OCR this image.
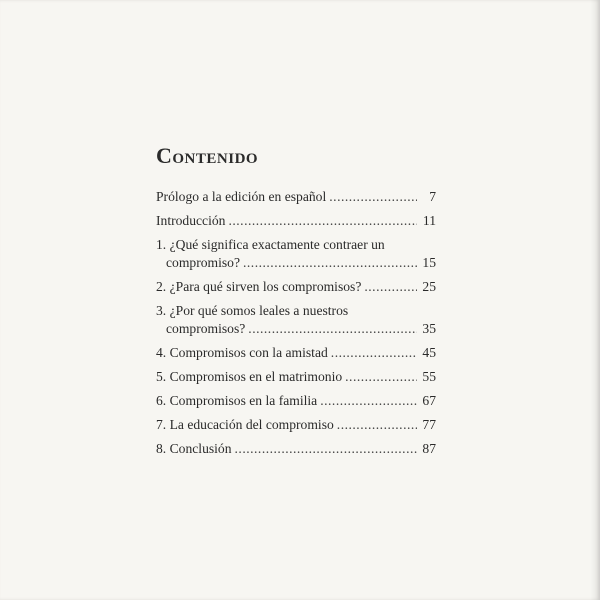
Contenido
Prólogo a la edición en español .....	7
Introducción .....	11
1. ¿Qué significa exactamente contraer un
compromiso? .....	15
2. ¿Para qué sirven los compromisos? .....	25
3. ¿Por qué somos leales a nuestros
compromisos? .....	35
4. Compromisos con la amistad .....	45
5. Compromisos en el matrimonio .....	55
6. Compromisos en la familia .....	67
7. La educación del compromiso .....	77
8. Conclusión .....	87
